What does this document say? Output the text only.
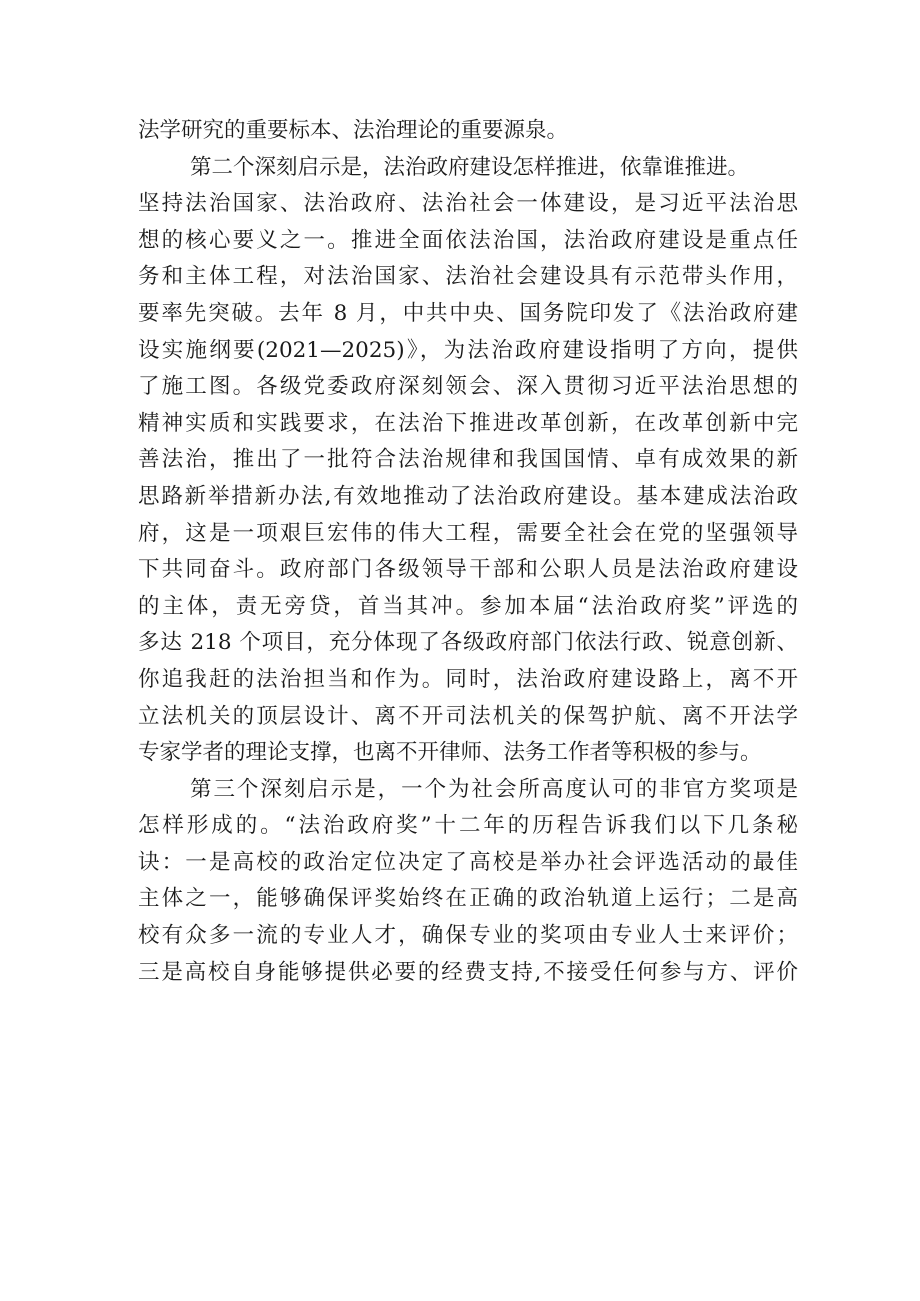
法学研究的重要标本、法治理论的重要源泉。
第二个深刻启示是，法治政府建设怎样推进，依靠谁推进。
坚持法治国家、法治政府、法治社会一体建设，是习近平法治思
想的核心要义之一。推进全面依法治国，法治政府建设是重点任
务和主体工程，对法治国家、法治社会建设具有示范带头作用，
要率先突破。去年 8 月，中共中央、国务院印发了《法治政府建
设实施纲要(2021—2025)》，为法治政府建设指明了方向，提供
了施工图。各级党委政府深刻领会、深入贯彻习近平法治思想的
精神实质和实践要求，在法治下推进改革创新，在改革创新中完
善法治，推出了一批符合法治规律和我国国情、卓有成效果的新
思路新举措新办法,有效地推动了法治政府建设。基本建成法治政
府，这是一项艰巨宏伟的伟大工程，需要全社会在党的坚强领导
下共同奋斗。政府部门各级领导干部和公职人员是法治政府建设
的主体，责无旁贷，首当其冲。参加本届“法治政府奖”评选的
多达 218 个项目，充分体现了各级政府部门依法行政、锐意创新、
你追我赶的法治担当和作为。同时，法治政府建设路上，离不开
立法机关的顶层设计、离不开司法机关的保驾护航、离不开法学
专家学者的理论支撑，也离不开律师、法务工作者等积极的参与。
第三个深刻启示是，一个为社会所高度认可的非官方奖项是
怎样形成的。“法治政府奖”十二年的历程告诉我们以下几条秘
诀：一是高校的政治定位决定了高校是举办社会评选活动的最佳
主体之一，能够确保评奖始终在正确的政治轨道上运行；二是高
校有众多一流的专业人才，确保专业的奖项由专业人士来评价；
三是高校自身能够提供必要的经费支持,不接受任何参与方、评价
